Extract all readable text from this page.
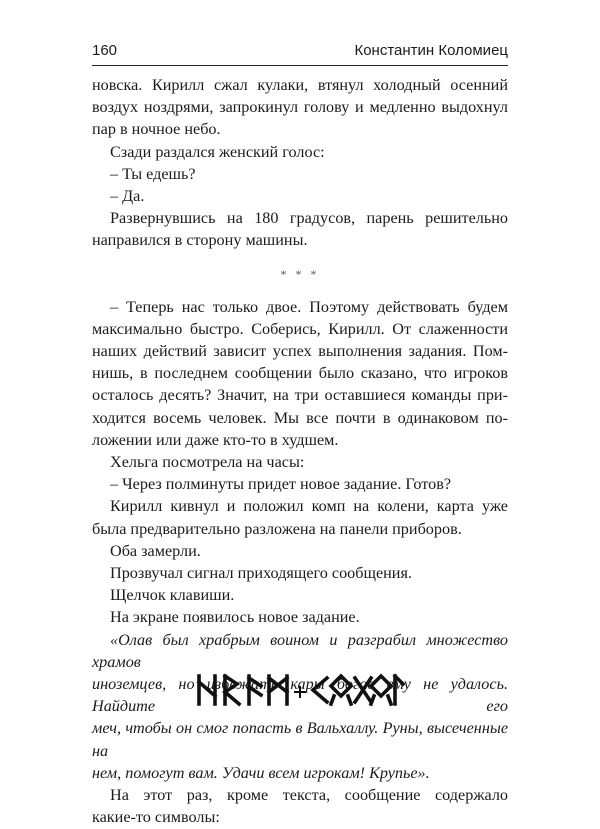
160	Константин Коломиец

новска. Кирилл сжал кулаки, втянул холодный осенний

воздух ноздрями, запрокинул голову и медленно выдохнул

пар в ночное небо.

Сзади раздался женский голос:

– Ты едешь?

– Да.

Развернувшись на 180 градусов, парень решительно

направился в сторону машины.

* * *

– Теперь нас только двое. Поэтому действовать будем

максимально быстро. Соберись, Кирилл. От слаженности

наших действий зависит успех выполнения задания. Пом-

нишь, в последнем сообщении было сказано, что игроков

осталось десять? Значит, на три оставшиеся команды при-

ходится восемь человек. Мы все почти в одинаковом по-

ложении или даже кто-то в худшем.

Хельга посмотрела на часы:

– Через полминуты придет новое задание. Готов?

Кирилл кивнул и положил комп на колени, карта уже

была предварительно разложена на панели приборов.

Оба замерли.

Прозвучал сигнал приходящего сообщения.

Щелчок клавиши.

На экране появилось новое задание.

«Олав был храбрым воином и разграбил множество храмов

иноземцев, но избежать кары богов ему не удалось. Найдите его

меч, чтобы он смог попасть в Вальхаллу. Руны, высеченные на

нем, помогут вам. Удачи всем игрокам! Крупье».

На этот раз, кроме текста, сообщение содержало

какие-то символы:
